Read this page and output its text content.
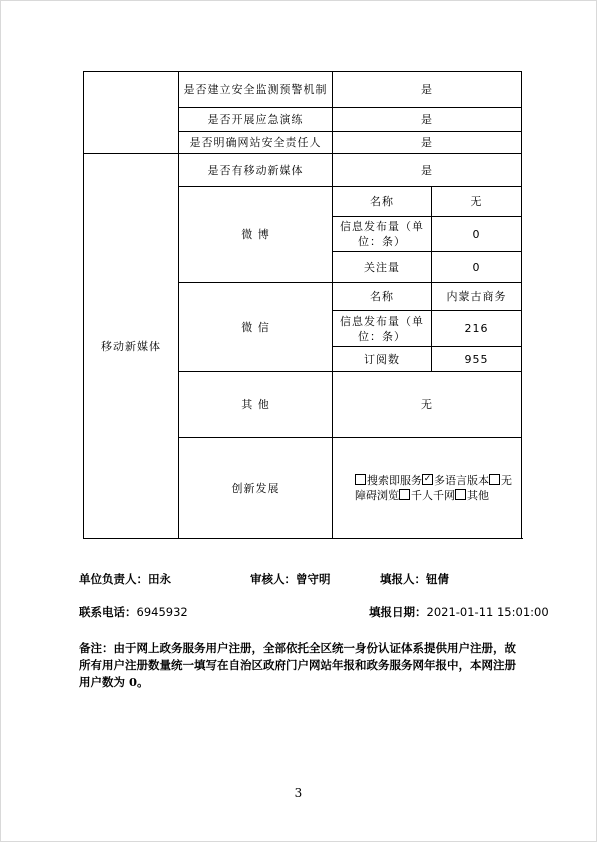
	是否建立安全监测预警机制	是	
	是否开展应急演练	是	
	是否明确网站安全责任人	是	
移动新媒体	是否有移动新媒体	是	
	微 博	名称	无
		信息发布量（单位：条）	0
		关注量	0
	微 信	名称	内蒙古商务
		信息发布量（单位：条）	216
		订阅数	955
	其 他	无	
	创新发展	搜索即服务 ✓ 多语言版本 无障碍浏览 千人千网 其他
单位负责人：田永	审核人：曾守明	填报人：钮倩
联系电话：6945932	填报日期：2021-01-11 15:01:00
备注：由于网上政务服务用户注册，全部依托全区统一身份认证体系提供用户注册，故所有用户注册数量统一填写在自治区政府门户网站年报和政务服务网年报中，本网注册用户数为 0。
3
